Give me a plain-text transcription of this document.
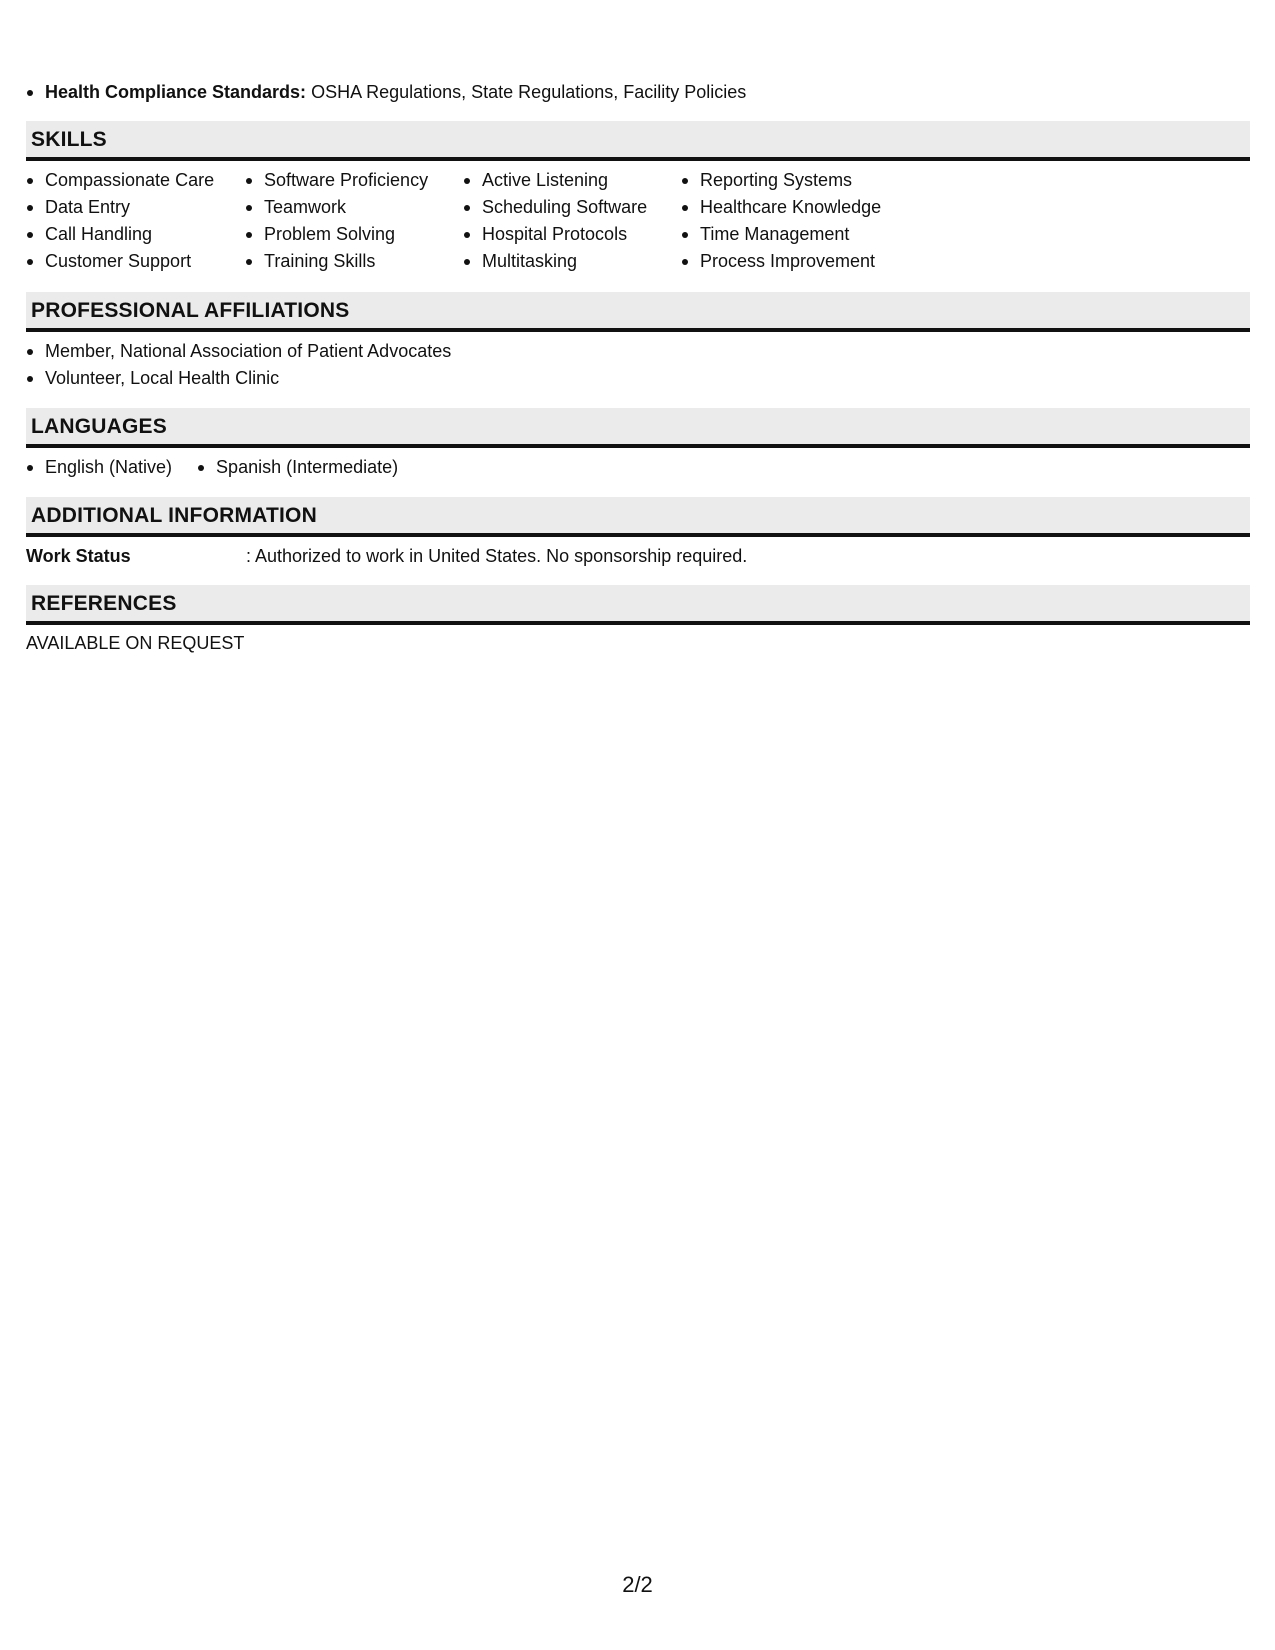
Health Compliance Standards: OSHA Regulations, State Regulations, Facility Policies
SKILLS
Compassionate Care
Data Entry
Call Handling
Customer Support
Software Proficiency
Teamwork
Problem Solving
Training Skills
Active Listening
Scheduling Software
Hospital Protocols
Multitasking
Reporting Systems
Healthcare Knowledge
Time Management
Process Improvement
PROFESSIONAL AFFILIATIONS
Member, National Association of Patient Advocates
Volunteer, Local Health Clinic
LANGUAGES
English (Native)	Spanish (Intermediate)
ADDITIONAL INFORMATION
Work Status	: Authorized to work in United States. No sponsorship required.
REFERENCES
AVAILABLE ON REQUEST
2/2
